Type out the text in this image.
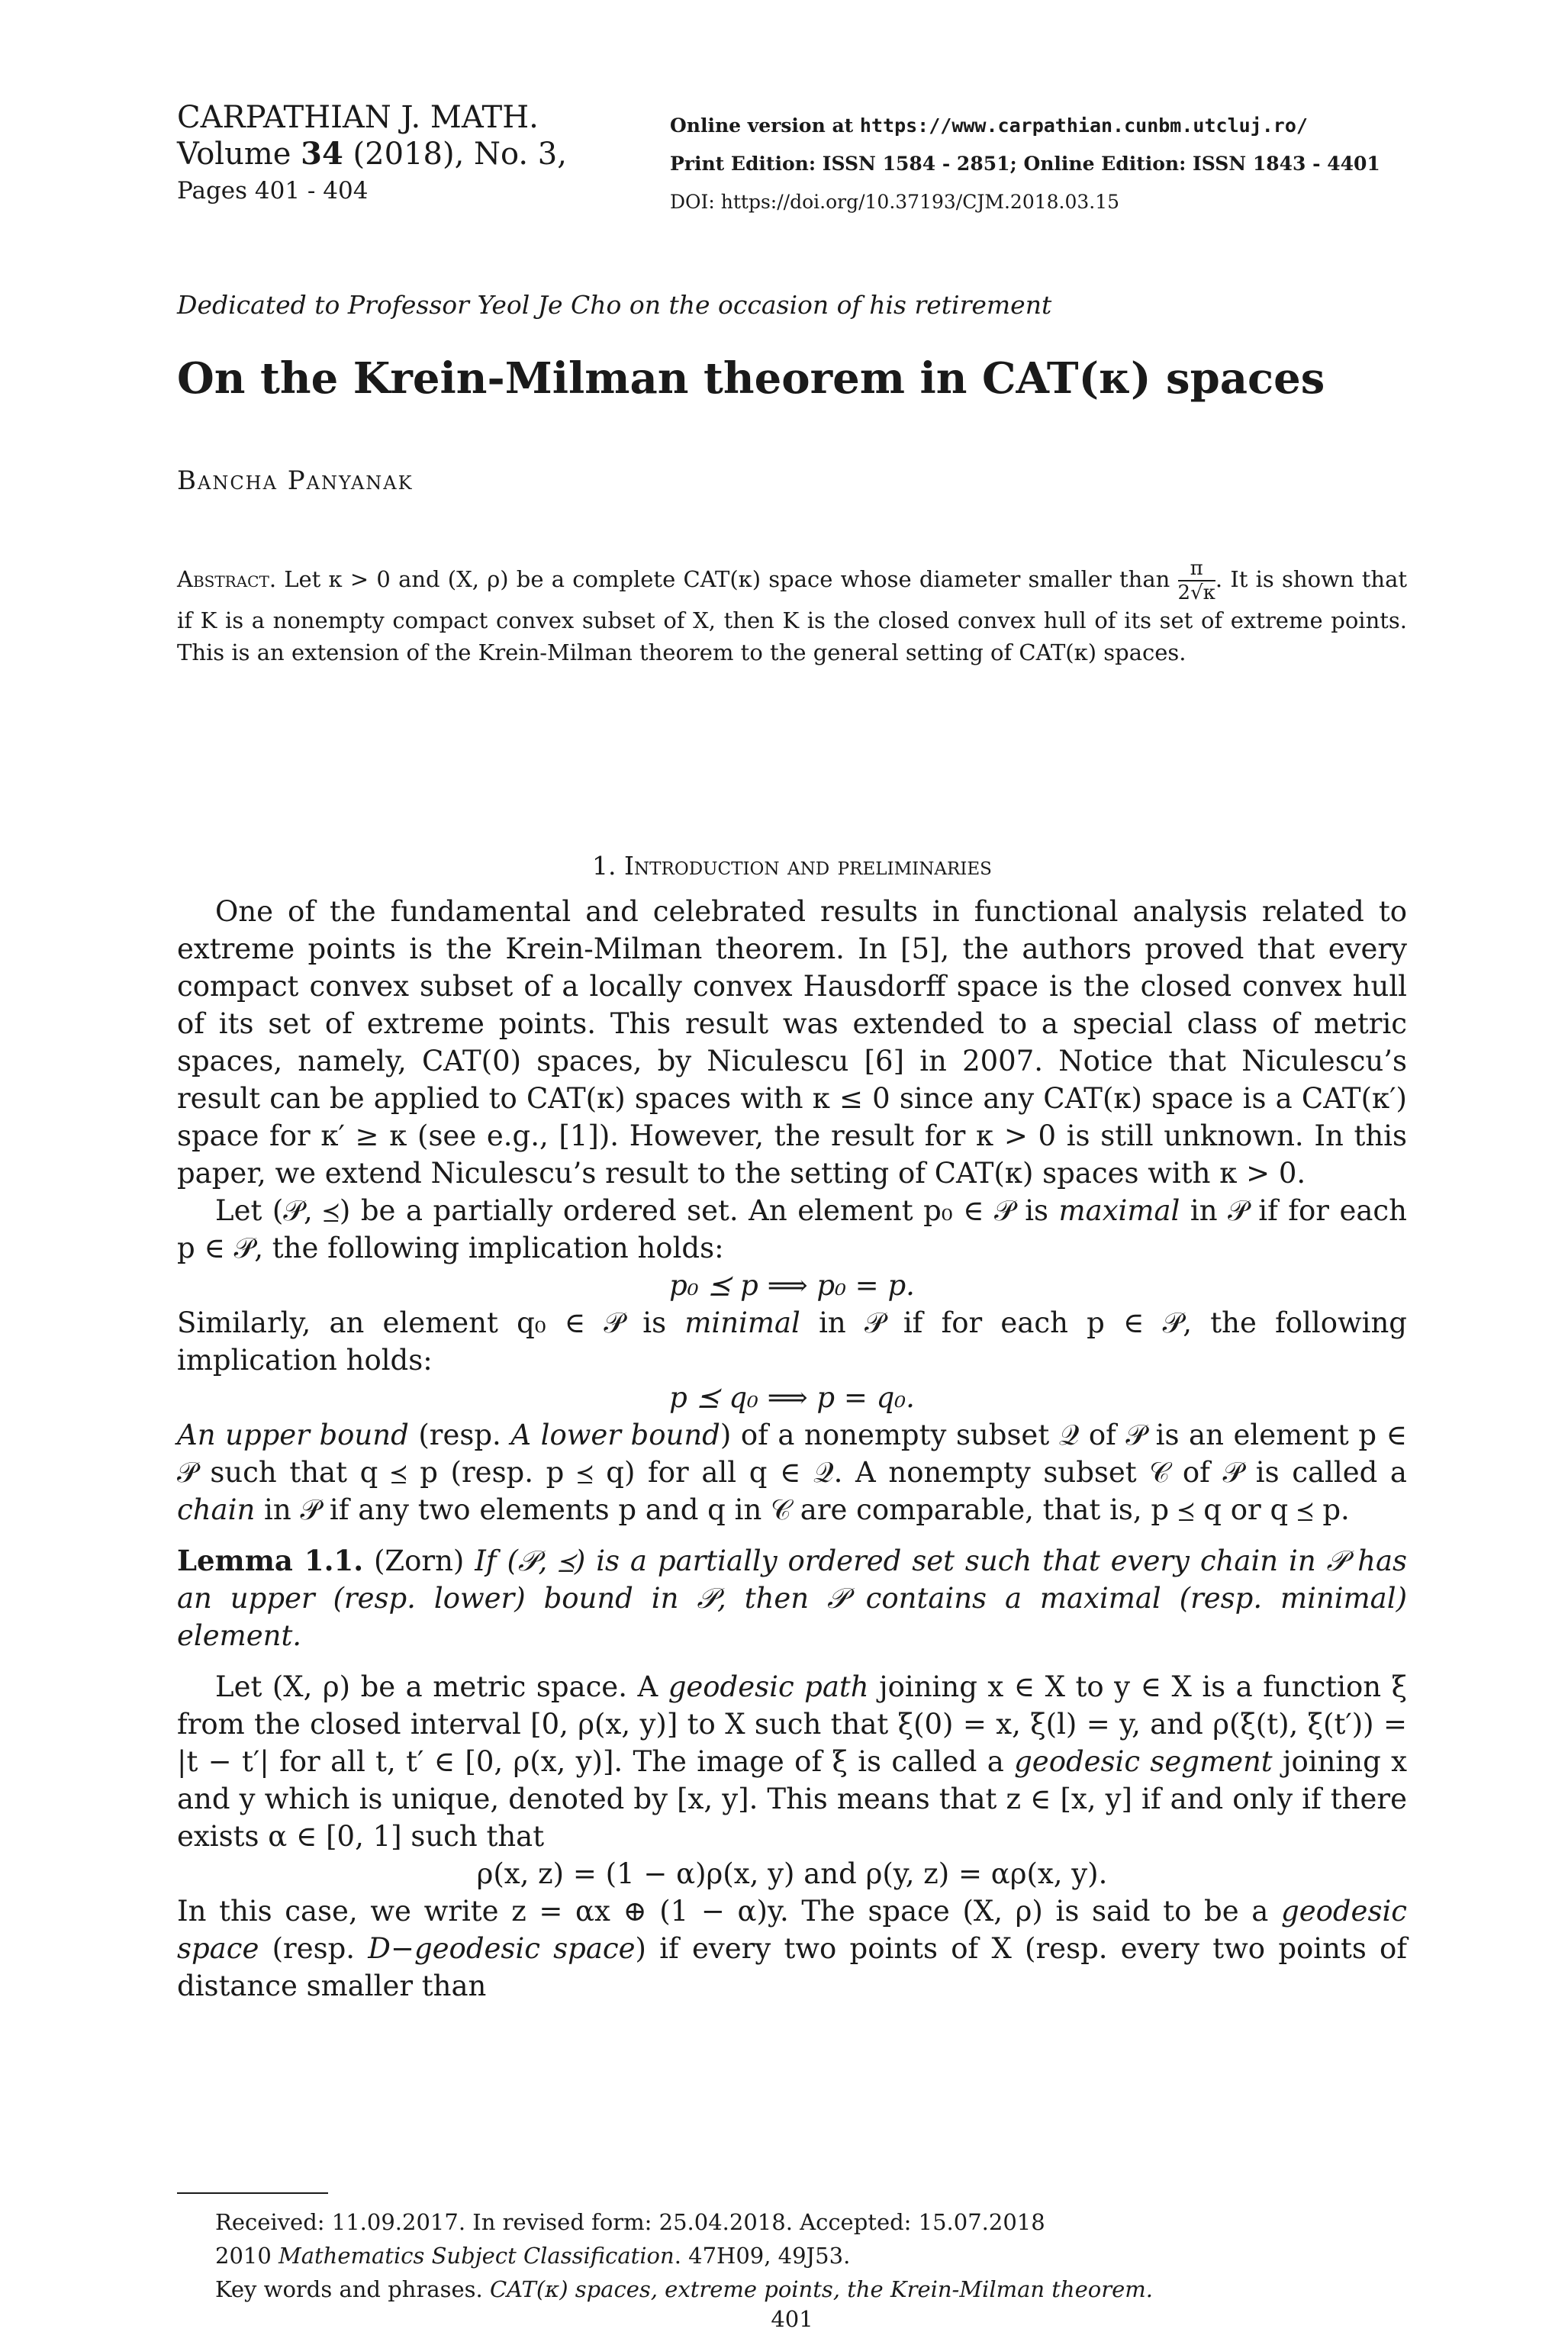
CARPATHIAN J. MATH.
Volume 34 (2018), No. 3,
Pages 401 - 404
Online version at https://www.carpathian.cunbm.utcluj.ro/
Print Edition: ISSN 1584 - 2851; Online Edition: ISSN 1843 - 4401
DOI: https://doi.org/10.37193/CJM.2018.03.15
Dedicated to Professor Yeol Je Cho on the occasion of his retirement
On the Krein-Milman theorem in CAT(κ) spaces
Bancha Panyanak
Abstract. Let κ > 0 and (X, ρ) be a complete CAT(κ) space whose diameter smaller than $\frac{\pi}{2√\kappa}$ . It is shown that if K is a nonempty compact convex subset of X, then K is the closed convex hull of its set of extreme points. This is an extension of the Krein-Milman theorem to the general setting of CAT(κ) spaces.
1. Introduction and preliminaries

One of the fundamental and celebrated results in functional analysis related to extreme points is the Krein-Milman theorem. In [5], the authors proved that every compact convex subset of a locally convex Hausdorff space is the closed convex hull of its set of extreme points. This result was extended to a special class of metric spaces, namely, CAT(0) spaces, by Niculescu [6] in 2007. Notice that Niculescu’s result can be applied to CAT(κ) spaces with κ ≤ 0 since any CAT(κ) space is a CAT(κ′) space for κ′ ≥ κ (see e.g., [1]). However, the result for κ > 0 is still unknown. In this paper, we extend Niculescu’s result to the setting of CAT(κ) spaces with κ > 0.

Let (𝒫, ⪯) be a partially ordered set. An element p₀ ∈ 𝒫 is maximal in 𝒫 if for each p ∈ 𝒫, the following implication holds:

p₀ ⪯ p ⟹ p₀ = p.

Similarly, an element q₀ ∈ 𝒫 is minimal in 𝒫 if for each p ∈ 𝒫, the following implication holds:

p ⪯ q₀ ⟹ p = q₀.

An upper bound (resp. A lower bound) of a nonempty subset 𝒬 of 𝒫 is an element p ∈ 𝒫 such that q ⪯ p (resp. p ⪯ q) for all q ∈ 𝒬. A nonempty subset 𝒞 of 𝒫 is called a chain in 𝒫 if any two elements p and q in 𝒞 are comparable, that is, p ⪯ q or q ⪯ p.

Lemma 1.1. (Zorn) If (𝒫, ⪯) is a partially ordered set such that every chain in 𝒫 has an upper (resp. lower) bound in 𝒫, then 𝒫 contains a maximal (resp. minimal) element.

Let (X, ρ) be a metric space. A geodesic path joining x ∈ X to y ∈ X is a function ξ from the closed interval [0, ρ(x, y)] to X such that ξ(0) = x, ξ(l) = y, and ρ(ξ(t), ξ(t′)) = |t − t′| for all t, t′ ∈ [0, ρ(x, y)]. The image of ξ is called a geodesic segment joining x and y which is unique, denoted by [x, y]. This means that z ∈ [x, y] if and only if there exists α ∈ [0, 1] such that

ρ(x, z) = (1 − α)ρ(x, y) and ρ(y, z) = αρ(x, y).

In this case, we write z = αx ⊕ (1 − α)y. The space (X, ρ) is said to be a geodesic space (resp. D−geodesic space) if every two points of X (resp. every two points of distance smaller than

Received: 11.09.2017. In revised form: 25.04.2018. Accepted: 15.07.2018
2010 Mathematics Subject Classification. 47H09, 49J53.
Key words and phrases. CAT(κ) spaces, extreme points, the Krein-Milman theorem.
401
